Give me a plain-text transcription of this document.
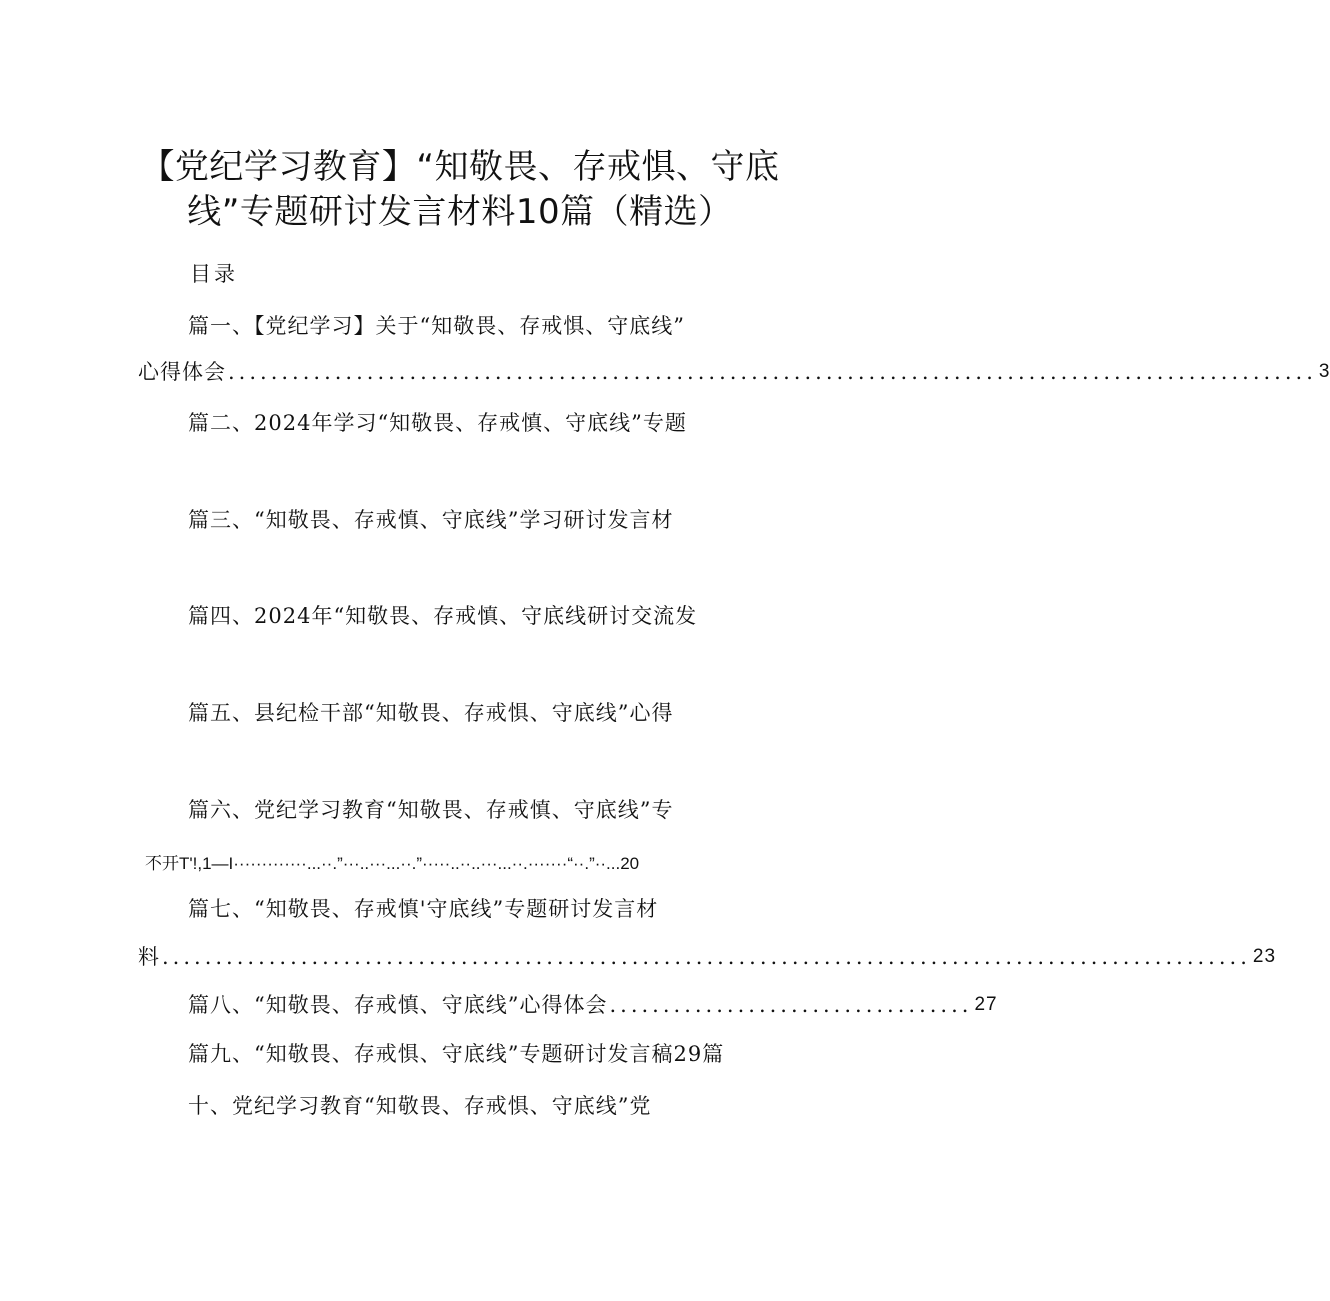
【党纪学习教育】“知敬畏、存戒惧、守底
线”专题研讨发言材料10篇（精选）
目录
篇一、【党纪学习】关于“知敬畏、存戒惧、守底线”
心得体会 ...................................................................................................... 3
篇二、2024年学习“知敬畏、存戒慎、守底线”专题
篇三、“知敬畏、存戒慎、守底线”学习研讨发言材
篇四、2024年“知敬畏、存戒慎、守底线研讨交流发
篇五、县纪检干部“知敬畏、存戒惧、守底线”心得
篇六、党纪学习教育“知敬畏、存戒慎、守底线”专
不开T'!,1—I·············...··.”···..···...··.”·····..··..···...··.·······“··.”··...20
篇七、“知敬畏、存戒慎'守底线”专题研讨发言材
料 ...................................................................................................... 23
篇八、“知敬畏、存戒慎、守底线”心得体会 .................................. 27
篇九、“知敬畏、存戒惧、守底线”专题研讨发言稿29篇
十、党纪学习教育“知敬畏、存戒惧、守底线”党
